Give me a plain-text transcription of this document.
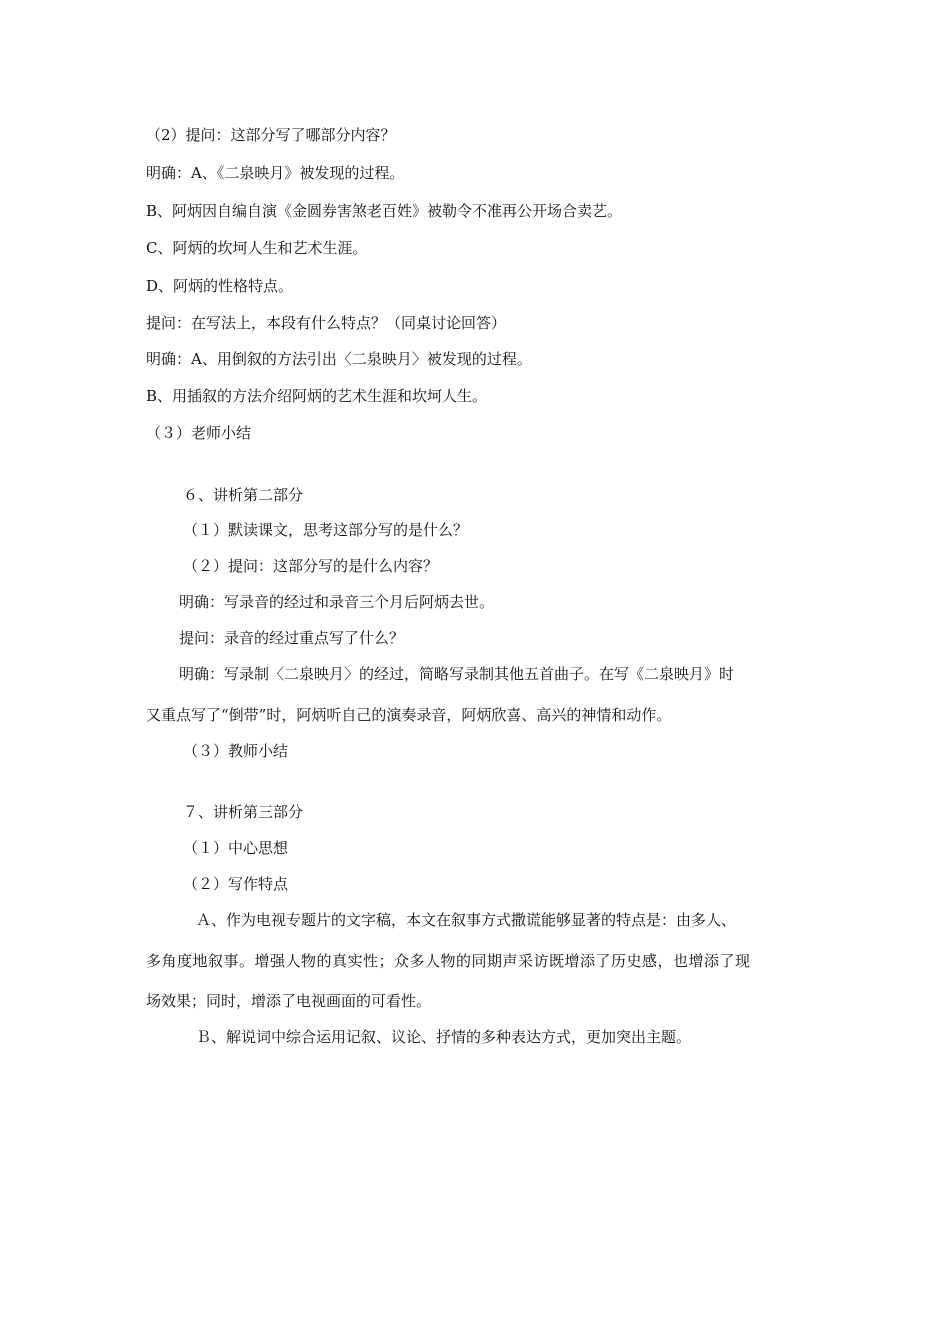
（2）提问：这部分写了哪部分内容？
明确：A、《二泉映月》被发现的过程。
B、阿炳因自编自演《金圆券害煞老百姓》被勒令不准再公开场合卖艺。
C、阿炳的坎坷人生和艺术生涯。
D、阿炳的性格特点。
提问：在写法上，本段有什么特点？（同桌讨论回答）
明确：A、用倒叙的方法引出〈二泉映月〉被发现的过程。
B、用插叙的方法介绍阿炳的艺术生涯和坎坷人生。
（３）老师小结
６、讲析第二部分
（１）默读课文，思考这部分写的是什么？
（２）提问：这部分写的是什么内容？
明确：写录音的经过和录音三个月后阿炳去世。
提问：录音的经过重点写了什么？
明确：写录制〈二泉映月〉的经过，简略写录制其他五首曲子。在写《二泉映月》时
又重点写了“倒带”时，阿炳听自己的演奏录音，阿炳欣喜、高兴的神情和动作。
（３）教师小结
７、讲析第三部分
（１）中心思想
（２）写作特点
Ａ、作为电视专题片的文字稿，本文在叙事方式撒谎能够显著的特点是：由多人、
多角度地叙事。增强人物的真实性；众多人物的同期声采访既增添了历史感，也增添了现
场效果；同时，增添了电视画面的可看性。
Ｂ、解说词中综合运用记叙、议论、抒情的多种表达方式，更加突出主题。
